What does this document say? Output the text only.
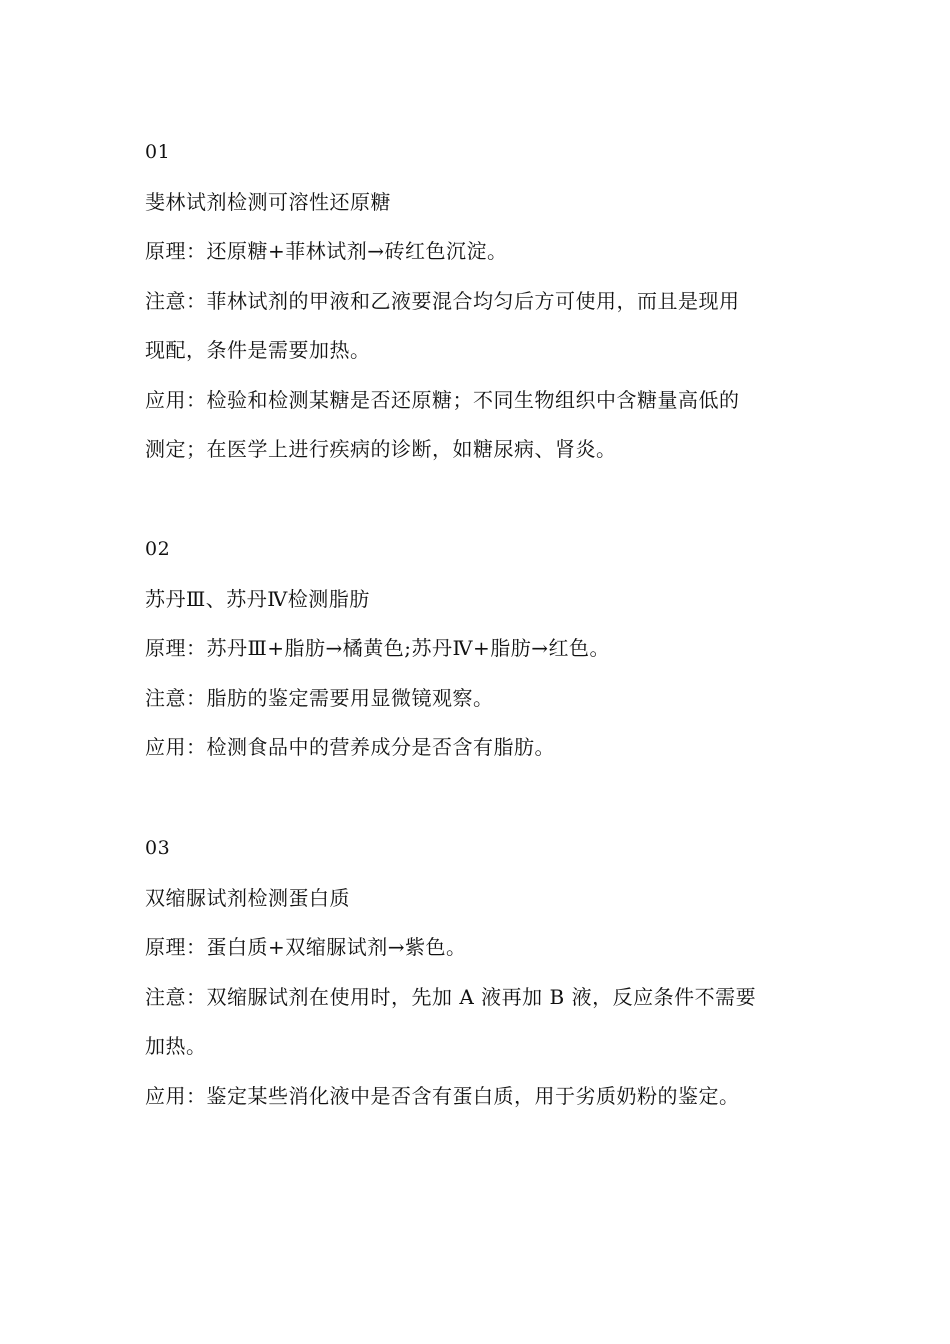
01
斐林试剂检测可溶性还原糖
原理：还原糖+菲林试剂→砖红色沉淀。
注意：菲林试剂的甲液和乙液要混合均匀后方可使用，而且是现用
现配，条件是需要加热。
应用：检验和检测某糖是否还原糖；不同生物组织中含糖量高低的
测定；在医学上进行疾病的诊断，如糖尿病、肾炎。
02
苏丹Ⅲ、苏丹Ⅳ检测脂肪
原理：苏丹Ⅲ+脂肪→橘黄色;苏丹Ⅳ+脂肪→红色。
注意：脂肪的鉴定需要用显微镜观察。
应用：检测食品中的营养成分是否含有脂肪。
03
双缩脲试剂检测蛋白质
原理：蛋白质+双缩脲试剂→紫色。
注意：双缩脲试剂在使用时，先加 A 液再加 B 液，反应条件不需要
加热。
应用：鉴定某些消化液中是否含有蛋白质，用于劣质奶粉的鉴定。
